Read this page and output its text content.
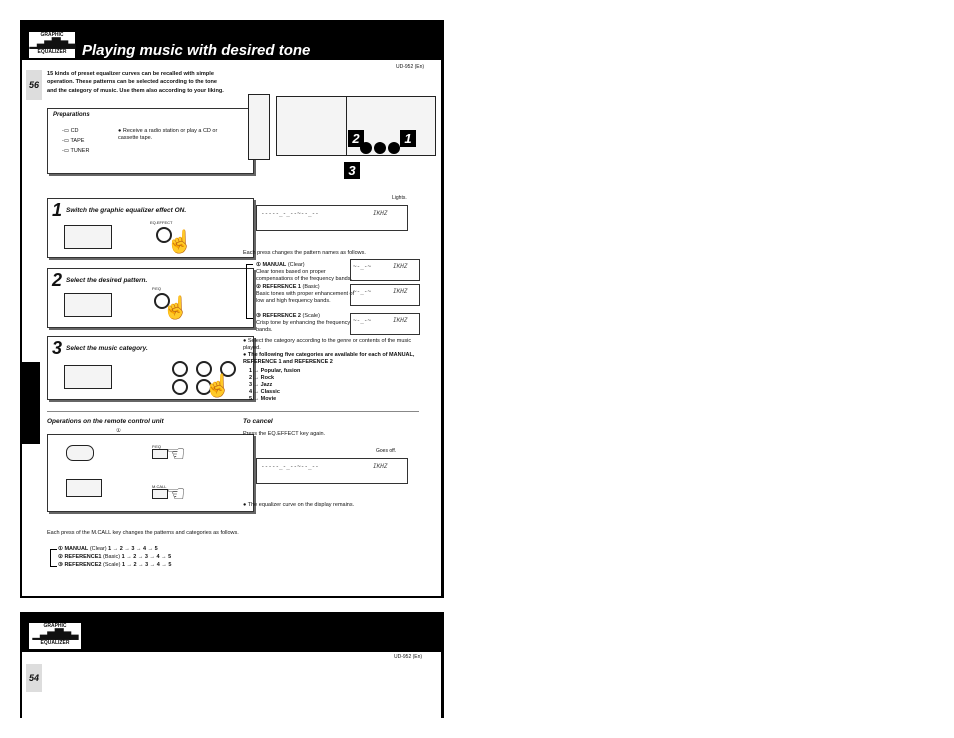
GRAPHIC
▁▃▅▇▅▃
EQUALIZER	Playing music with desired tone
UD-952 (En)
56
15 kinds of preset equalizer curves can be recalled with simple operation. These patterns can be selected according to the tone and the category of music. Use them also according to your liking.
Preparations
-▭ CD
-▭ TAPE
-▭ TUNER
● Receive a radio station or play a CD or cassette tape.	2	1
3
1 Switch the graphic equalizer effect ON.
EQ.EFFECT
☝
2 Select the desired pattern.
P.EQ
☝
3 Select the music category.
☝
Lights.

-----_-_--~--_--

	IKHZ

Each press changes the pattern names as follows.
① MANUAL (Clear)
Clear tones based on proper compensations of the frequency bands.
② REFERENCE 1 (Basic)
Basic tones with proper enhancement of low and high frequency bands.
③ REFERENCE 2 (Scale)
Crisp tone by enhancing the frequency bands.
~-_-~	IKHZ
~-_-~	IKHZ
~-_-~	IKHZ
● Select the category according to the genre or contents of the music played.
● The following five categories are available for each of MANUAL, REFERENCE 1 and REFERENCE 2
1 → Popular, fusion
2 → Rock
3 → Jazz
4 → Classic
5 → Movie
Operations on the remote control unit
①
P.EQ ☜
M.CALL ☜
Each press of the M.CALL key changes the patterns and categories as follows.
① MANUAL (Clear) 1 → 2 → 3 → 4 → 5
② REFERENCE1 (Basic) 1 → 2 → 3 → 4 → 5
③ REFERENCE2 (Scale) 1 → 2 → 3 → 4 → 5
To cancel
Press the EQ.EFFECT key again.
Goes off.

-----_-_--~--_--

	IKHZ

● The equalizer curve on the display remains.
GRAPHIC
▁▃▅▇▅▃
EQUALIZER
UD-952 (En)
54
